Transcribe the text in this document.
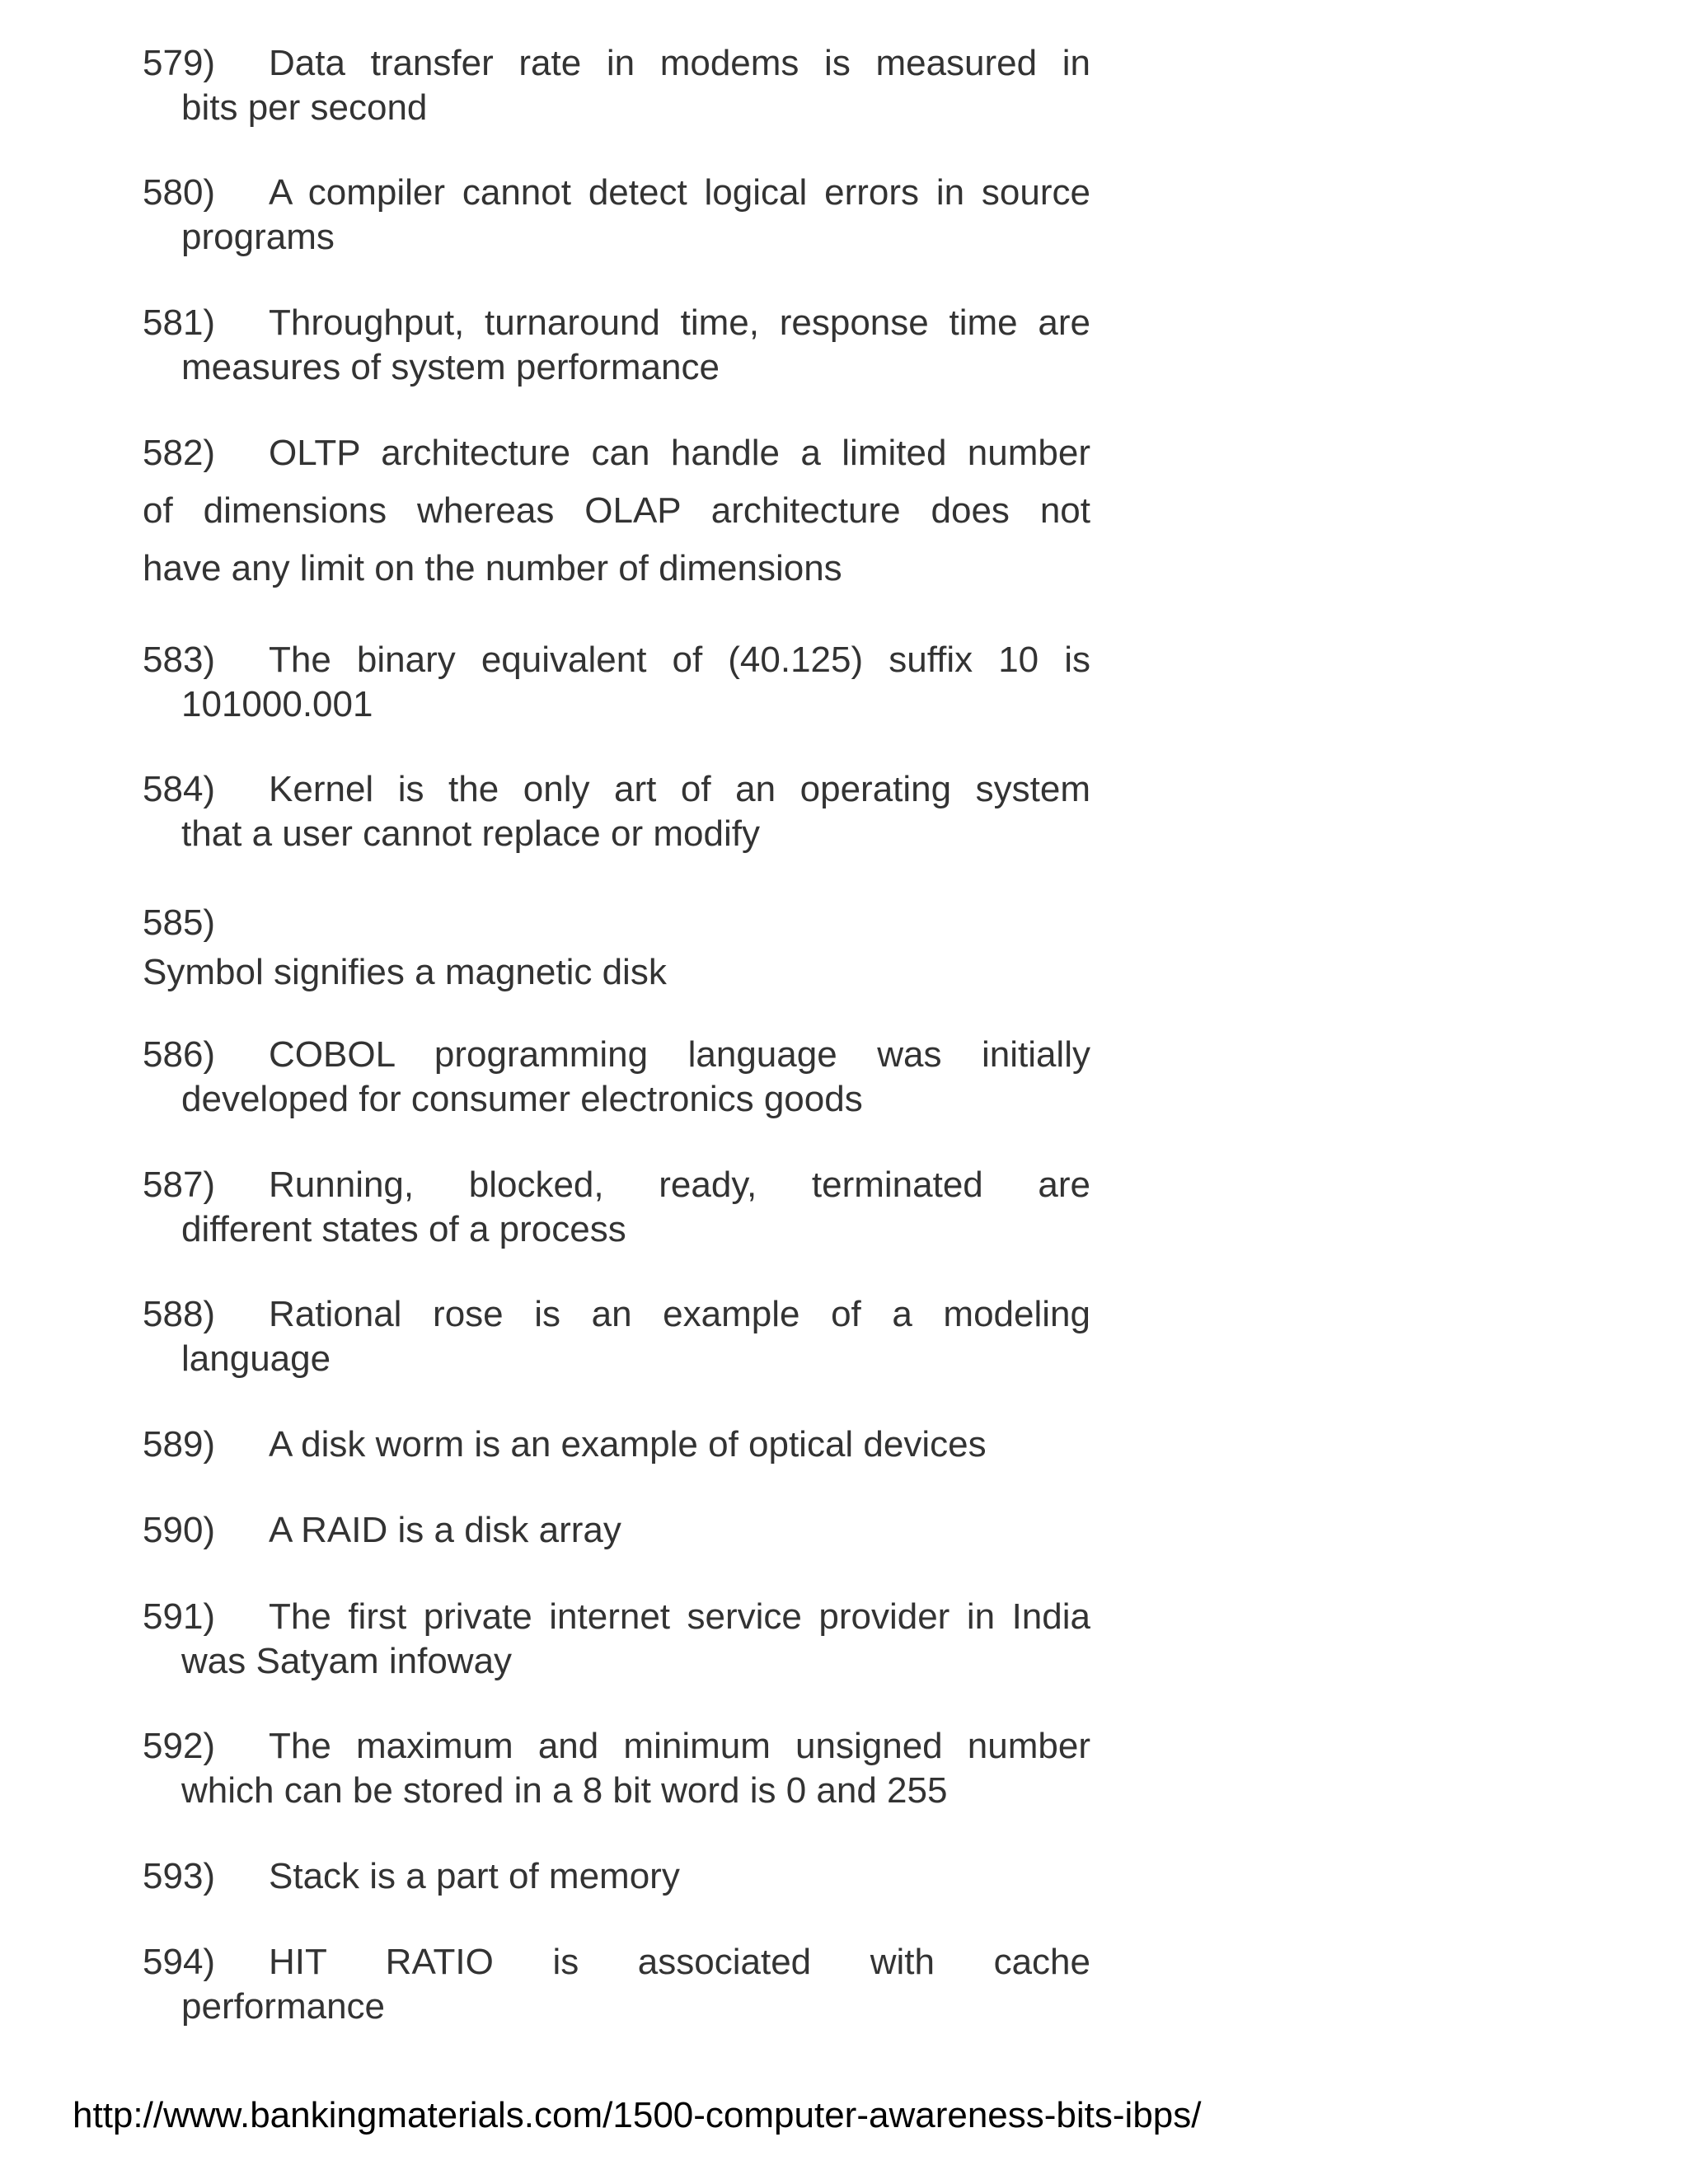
579) Data transfer rate in modems is measured in
bits per second
580) A compiler cannot detect logical errors in source
programs
581) Throughput, turnaround time, response time are
measures of system performance
582) OLTP architecture can handle a limited number
of dimensions whereas OLAP architecture does not
have any limit on the number of dimensions
583) The binary equivalent of (40.125) suffix 10 is
101000.001
584) Kernel is the only art of an operating system
that a user cannot replace or modify
585)
Symbol signifies a magnetic disk
586) COBOL programming language was initially
developed for consumer electronics goods
587) Running, blocked, ready, terminated are
different states of a process
588) Rational rose is an example of a modeling
language
589) A disk worm is an example of optical devices
590) A RAID is a disk array
591) The first private internet service provider in India
was Satyam infoway
592) The maximum and minimum unsigned number
which can be stored in a 8 bit word is 0 and 255
593) Stack is a part of memory
594) HIT RATIO is associated with cache
performance
http://www.bankingmaterials.com/1500-computer-awareness-bits-ibps/
